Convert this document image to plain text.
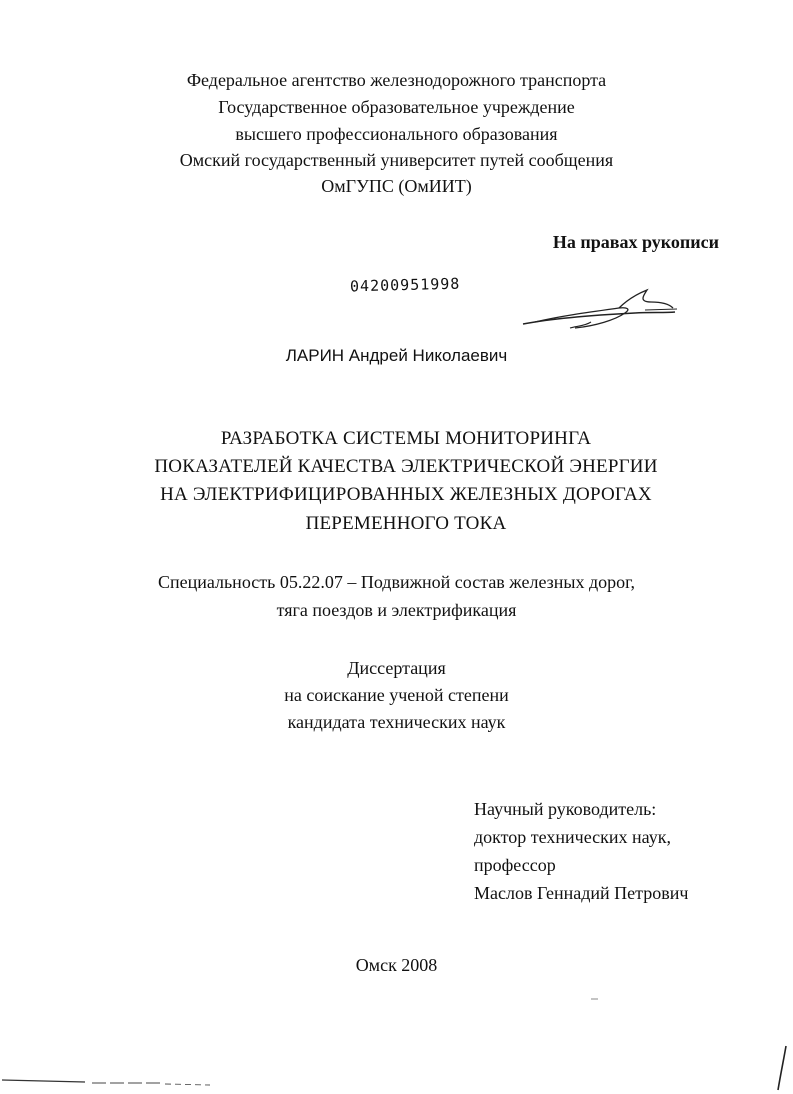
Федеральное агентство железнодорожного транспорта
Государственное образовательное учреждение
высшего профессионального образования
Омский государственный университет путей сообщения
ОмГУПС (ОмИИТ)
На правах рукописи
04200951998
ЛАРИН Андрей Николаевич
РАЗРАБОТКА СИСТЕМЫ МОНИТОРИНГА
ПОКАЗАТЕЛЕЙ КАЧЕСТВА ЭЛЕКТРИЧЕСКОЙ ЭНЕРГИИ
НА ЭЛЕКТРИФИЦИРОВАННЫХ ЖЕЛЕЗНЫХ ДОРОГАХ
ПЕРЕМЕННОГО ТОКА
Специальность 05.22.07 – Подвижной состав железных дорог,
тяга поездов и электрификация
Диссертация
на соискание ученой степени
кандидата технических наук
Научный руководитель:
доктор технических наук,
профессор
Маслов Геннадий Петрович
Омск 2008
